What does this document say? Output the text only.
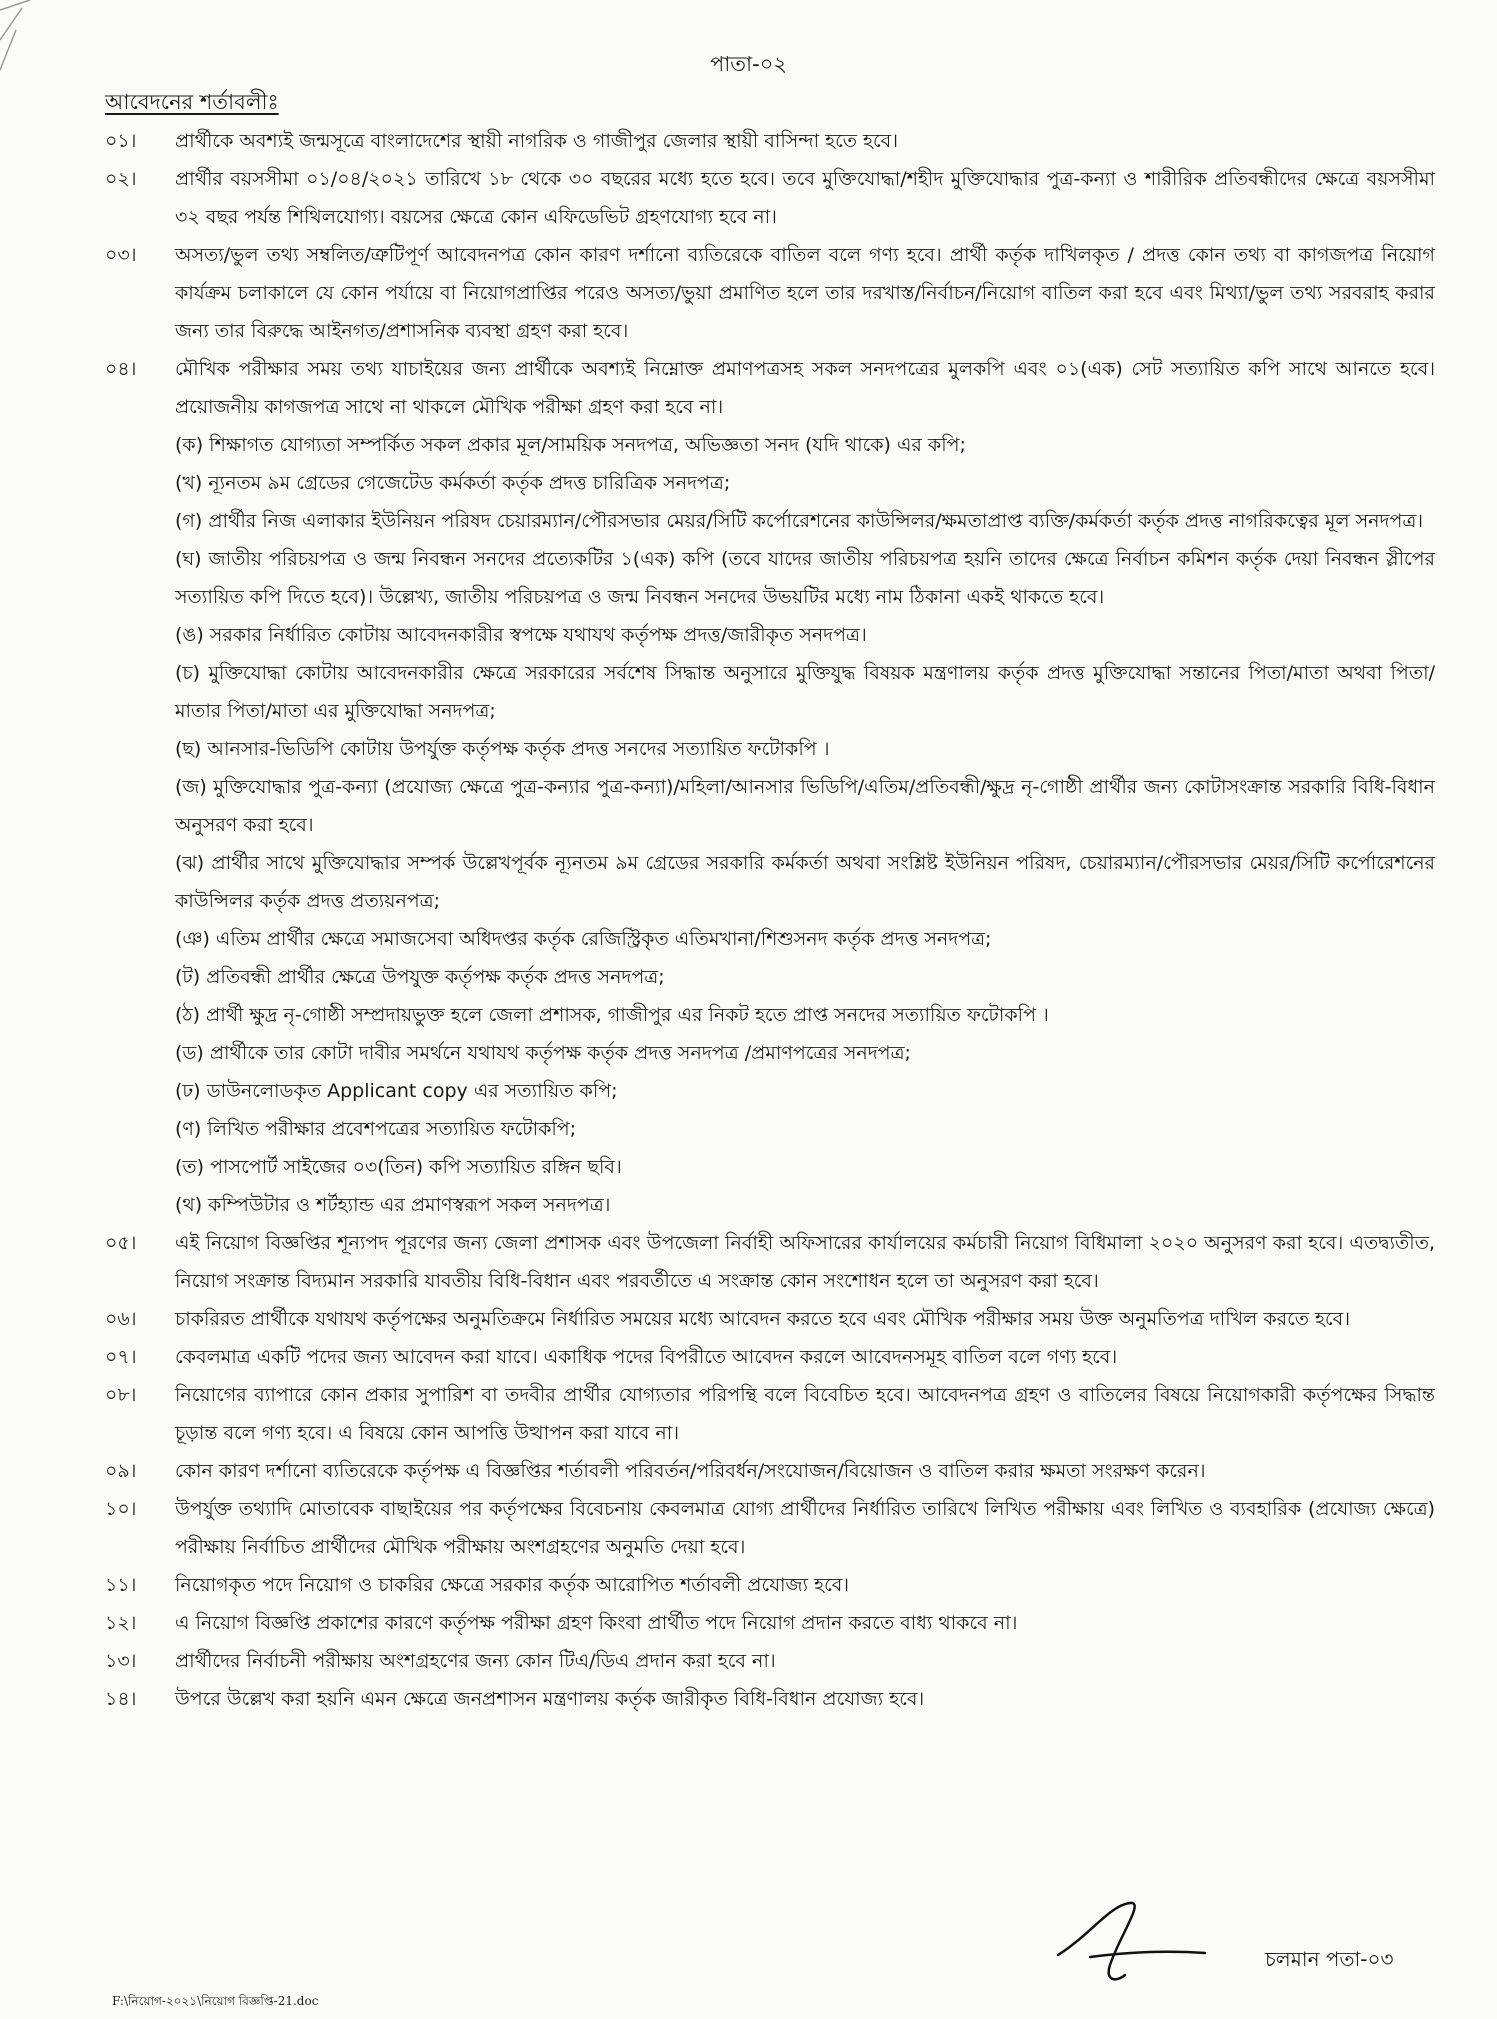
পাতা-০২
আবেদনের শর্তাবলীঃ
০১।	প্রার্থীকে অবশ্যই জন্মসূত্রে বাংলাদেশের স্থায়ী নাগরিক ও গাজীপুর জেলার স্থায়ী বাসিন্দা হতে হবে।
০২।	প্রার্থীর বয়সসীমা ০১/০৪/২০২১ তারিখে ১৮ থেকে ৩০ বছরের মধ্যে হতে হবে। তবে মুক্তিযোদ্ধা/শহীদ মুক্তিযোদ্ধার পুত্র-কন্যা ও শারীরিক প্রতিবন্ধীদের ক্ষেত্রে বয়সসীমা ৩২ বছর পর্যন্ত শিথিলযোগ্য। বয়সের ক্ষেত্রে কোন এফিডেভিট গ্রহণযোগ্য হবে না।
০৩।	অসত্য/ভুল তথ্য সম্বলিত/ত্রুটিপূর্ণ আবেদনপত্র কোন কারণ দর্শানো ব্যতিরেকে বাতিল বলে গণ্য হবে। প্রার্থী কর্তৃক দাখিলকৃত / প্রদত্ত কোন তথ্য বা কাগজপত্র নিয়োগ কার্যক্রম চলাকালে যে কোন পর্যায়ে বা নিয়োগপ্রাপ্তির পরেও অসত্য/ভুয়া প্রমাণিত হলে তার দরখাস্ত/নির্বাচন/নিয়োগ বাতিল করা হবে এবং মিথ্যা/ভুল তথ্য সরবরাহ করার জন্য তার বিরুদ্ধে আইনগত/প্রশাসনিক ব্যবস্থা গ্রহণ করা হবে।
০৪।	মৌখিক পরীক্ষার সময় তথ্য যাচাইয়ের জন্য প্রার্থীকে অবশ্যই নিম্নোক্ত প্রমাণপত্রসহ সকল সনদপত্রের মুলকপি এবং ০১(এক) সেট সত্যায়িত কপি সাথে আনতে হবে। প্রয়োজনীয় কাগজপত্র সাথে না থাকলে মৌখিক পরীক্ষা গ্রহণ করা হবে না।
(ক) শিক্ষাগত যোগ্যতা সম্পর্কিত সকল প্রকার মূল/সাময়িক সনদপত্র, অভিজ্ঞতা সনদ (যদি থাকে) এর কপি;
(খ) ন্যূনতম ৯ম গ্রেডের গেজেটেড কর্মকর্তা কর্তৃক প্রদত্ত চারিত্রিক সনদপত্র;
(গ) প্রার্থীর নিজ এলাকার ইউনিয়ন পরিষদ চেয়ারম্যান/পৌরসভার মেয়র/সিটি কর্পোরেশনের কাউন্সিলর/ক্ষমতাপ্রাপ্ত ব্যক্তি/কর্মকর্তা কর্তৃক প্রদত্ত নাগরিকত্বের মূল সনদপত্র।
(ঘ) জাতীয় পরিচয়পত্র ও জন্ম নিবন্ধন সনদের প্রত্যেকটির ১(এক) কপি (তবে যাদের জাতীয় পরিচয়পত্র হয়নি তাদের ক্ষেত্রে নির্বাচন কমিশন কর্তৃক দেয়া নিবন্ধন স্লীপের সত্যায়িত কপি দিতে হবে)। উল্লেখ্য, জাতীয় পরিচয়পত্র ও জন্ম নিবন্ধন সনদের উভয়টির মধ্যে নাম ঠিকানা একই থাকতে হবে।
(ঙ) সরকার নির্ধারিত কোটায় আবেদনকারীর স্বপক্ষে যথাযথ কর্তৃপক্ষ প্রদত্ত/জারীকৃত সনদপত্র।
(চ) মুক্তিযোদ্ধা কোটায় আবেদনকারীর ক্ষেত্রে সরকারের সর্বশেষ সিদ্ধান্ত অনুসারে মুক্তিযুদ্ধ বিষয়ক মন্ত্রণালয় কর্তৃক প্রদত্ত মুক্তিযোদ্ধা সন্তানের পিতা/মাতা অথবা পিতা/মাতার পিতা/মাতা এর মুক্তিযোদ্ধা সনদপত্র;
(ছ) আনসার-ভিডিপি কোটায় উপর্যুক্ত কর্তৃপক্ষ কর্তৃক প্রদত্ত সনদের সত্যায়িত ফটোকপি ।
(জ) মুক্তিযোদ্ধার পুত্র-কন্যা (প্রযোজ্য ক্ষেত্রে পুত্র-কন্যার পুত্র-কন্যা)/মহিলা/আনসার ভিডিপি/এতিম/প্রতিবন্ধী/ক্ষুদ্র নৃ-গোষ্ঠী প্রার্থীর জন্য কোটাসংক্রান্ত সরকারি বিধি-বিধান অনুসরণ করা হবে।
(ঝ) প্রার্থীর সাথে মুক্তিযোদ্ধার সম্পর্ক উল্লেখপূর্বক ন্যূনতম ৯ম গ্রেডের সরকারি কর্মকর্তা অথবা সংশ্লিষ্ট ইউনিয়ন পরিষদ, চেয়ারম্যান/পৌরসভার মেয়র/সিটি কর্পোরেশনের কাউন্সিলর কর্তৃক প্রদত্ত প্রত্যয়নপত্র;
(ঞ) এতিম প্রার্থীর ক্ষেত্রে সমাজসেবা অধিদপ্তর কর্তৃক রেজিস্ট্রিকৃত এতিমখানা/শিশুসনদ কর্তৃক প্রদত্ত সনদপত্র;
(ট) প্রতিবন্ধী প্রার্থীর ক্ষেত্রে উপযুক্ত কর্তৃপক্ষ কর্তৃক প্রদত্ত সনদপত্র;
(ঠ) প্রার্থী ক্ষুদ্র নৃ-গোষ্ঠী সম্প্রদায়ভুক্ত হলে জেলা প্রশাসক, গাজীপুর এর নিকট হতে প্রাপ্ত সনদের সত্যায়িত ফটোকপি ।
(ড) প্রার্থীকে তার কোটা দাবীর সমর্থনে যথাযথ কর্তৃপক্ষ কর্তৃক প্রদত্ত সনদপত্র /প্রমাণপত্রের সনদপত্র;
(ঢ) ডাউনলোডকৃত Applicant copy এর সত্যায়িত কপি;
(ণ) লিখিত পরীক্ষার প্রবেশপত্রের সত্যায়িত ফটোকপি;
(ত) পাসপোর্ট সাইজের ০৩(তিন) কপি সত্যায়িত রঙ্গিন ছবি।
(থ) কম্পিউটার ও শর্টহ্যান্ড এর প্রমাণস্বরূপ সকল সনদপত্র।
০৫।	এই নিয়োগ বিজ্ঞপ্তির শূন্যপদ পূরণের জন্য জেলা প্রশাসক এবং উপজেলা নির্বাহী অফিসারের কার্যালয়ের কর্মচারী নিয়োগ বিধিমালা ২০২০ অনুসরণ করা হবে। এতদ্ব্যতীত, নিয়োগ সংক্রান্ত বিদ্যমান সরকারি যাবতীয় বিধি-বিধান এবং পরবর্তীতে এ সংক্রান্ত কোন সংশোধন হলে তা অনুসরণ করা হবে।
০৬।	চাকরিরত প্রার্থীকে যথাযথ কর্তৃপক্ষের অনুমতিক্রমে নির্ধারিত সময়ের মধ্যে আবেদন করতে হবে এবং মৌখিক পরীক্ষার সময় উক্ত অনুমতিপত্র দাখিল করতে হবে।
০৭।	কেবলমাত্র একটি পদের জন্য আবেদন করা যাবে। একাধিক পদের বিপরীতে আবেদন করলে আবেদনসমূহ বাতিল বলে গণ্য হবে।
০৮।	নিয়োগের ব্যাপারে কোন প্রকার সুপারিশ বা তদবীর প্রার্থীর যোগ্যতার পরিপন্থি বলে বিবেচিত হবে। আবেদনপত্র গ্রহণ ও বাতিলের বিষয়ে নিয়োগকারী কর্তৃপক্ষের সিদ্ধান্ত চূড়ান্ত বলে গণ্য হবে। এ বিষয়ে কোন আপত্তি উত্থাপন করা যাবে না।
০৯।	কোন কারণ দর্শানো ব্যতিরেকে কর্তৃপক্ষ এ বিজ্ঞপ্তির শর্তাবলী পরিবর্তন/পরিবর্ধন/সংযোজন/বিয়োজন ও বাতিল করার ক্ষমতা সংরক্ষণ করেন।
১০।	উপর্যুক্ত তথ্যাদি মোতাবেক বাছাইয়ের পর কর্তৃপক্ষের বিবেচনায় কেবলমাত্র যোগ্য প্রার্থীদের নির্ধারিত তারিখে লিখিত পরীক্ষায় এবং লিখিত ও ব্যবহারিক (প্রযোজ্য ক্ষেত্রে) পরীক্ষায় নির্বাচিত প্রার্থীদের মৌখিক পরীক্ষায় অংশগ্রহণের অনুমতি দেয়া হবে।
১১।	নিয়োগকৃত পদে নিয়োগ ও চাকরির ক্ষেত্রে সরকার কর্তৃক আরোপিত শর্তাবলী প্রযোজ্য হবে।
১২।	এ নিয়োগ বিজ্ঞপ্তি প্রকাশের কারণে কর্তৃপক্ষ পরীক্ষা গ্রহণ কিংবা প্রার্থীত পদে নিয়োগ প্রদান করতে বাধ্য থাকবে না।
১৩।	প্রার্থীদের নির্বাচনী পরীক্ষায় অংশগ্রহণের জন্য কোন টিএ/ডিএ প্রদান করা হবে না।
১৪।	উপরে উল্লেখ করা হয়নি এমন ক্ষেত্রে জনপ্রশাসন মন্ত্রণালয় কর্তৃক জারীকৃত বিধি-বিধান প্রযোজ্য হবে।
চলমান পতা-০৩
F:\নিয়োগ-২০২১\নিয়োগ বিজ্ঞপ্তি-21.doc
